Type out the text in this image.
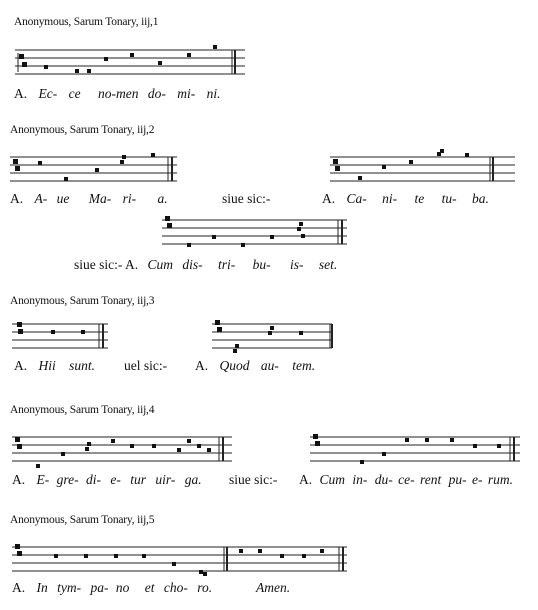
Anonymous, Sarum Tonary, iij,1
Anonymous, Sarum Tonary, iij,2
Anonymous, Sarum Tonary, iij,3
Anonymous, Sarum Tonary, iij,4
Anonymous, Sarum Tonary, iij,5
A. Ec- ce no-men do- mi- ni.
A. A- ue Ma- ri- a.	siue sic:-	A. Ca- ni- te tu- ba.
siue sic:- A. Cum dis- tri- bu- is- set.
A. Hii sunt. uel sic:- A. Quod au- tem.
A. E- gre- di- e- tur uir- ga. siue sic:- A. Cum in- du- ce- rent pu- e- rum.
A. In tym- pa- no et cho- ro.	Amen.
